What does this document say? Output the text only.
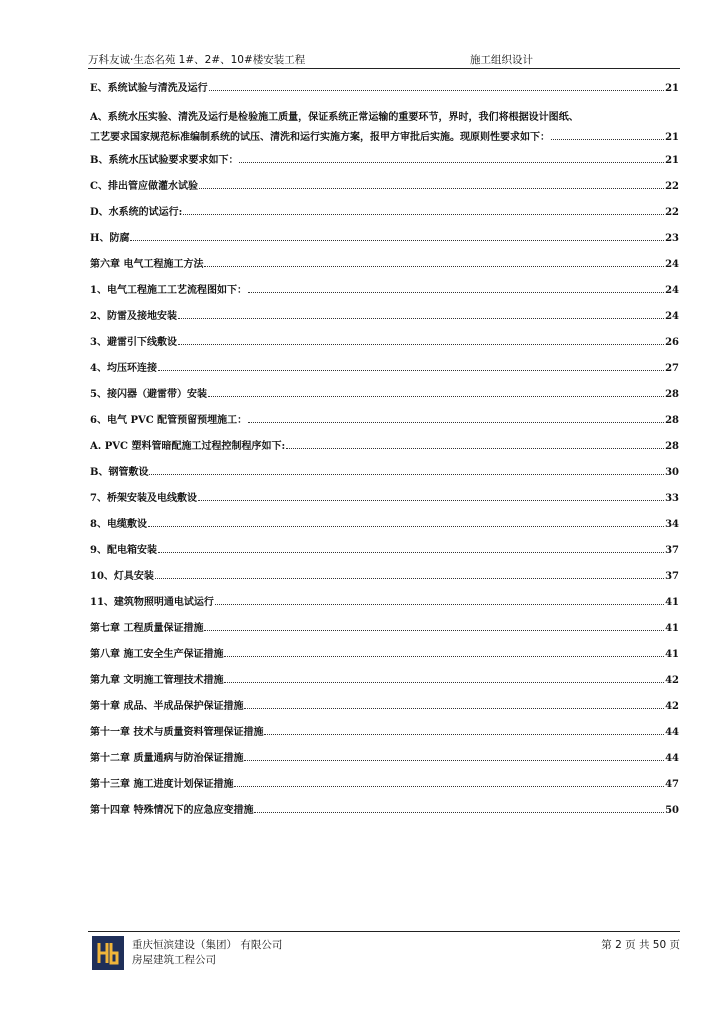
万科友诚·生态名苑 1#、2#、10#楼安装工程	施工组织设计
E、系统试验与清洗及运行	21
A、系统水压实验、清洗及运行是检验施工质量，保证系统正常运输的重要环节，界时，我们将根据设计图纸、
工艺要求国家规范标准编制系统的试压、清洗和运行实施方案，报甲方审批后实施。现原则性要求如下：	21
B、系统水压试验要求要求如下：	21
C、排出管应做灌水试验	22
D、水系统的试运行:	22
H、防腐	23
第六章 电气工程施工方法	24
1、电气工程施工工艺流程图如下：	24
2、防雷及接地安装	24
3、避雷引下线敷设	26
4、均压环连接	27
5、接闪器（避雷带）安装	28
6、电气 PVC 配管预留预埋施工：	28
A. PVC 塑料管暗配施工过程控制程序如下:	28
B、钢管敷设	30
7、桥架安装及电线敷设	33
8、电缆敷设	34
9、配电箱安装	37
10、灯具安装	37
11、建筑物照明通电试运行	41
第七章 工程质量保证措施	41
第八章 施工安全生产保证措施	41
第九章 文明施工管理技术措施	42
第十章 成品、半成品保护保证措施	42
第十一章 技术与质量资料管理保证措施	44
第十二章 质量通病与防治保证措施	44
第十三章 施工进度计划保证措施	47
第十四章 特殊情况下的应急应变措施	50
重庆恒滨建设（集团） 有限公司
房屋建筑工程公司
第 2 页 共 50 页
